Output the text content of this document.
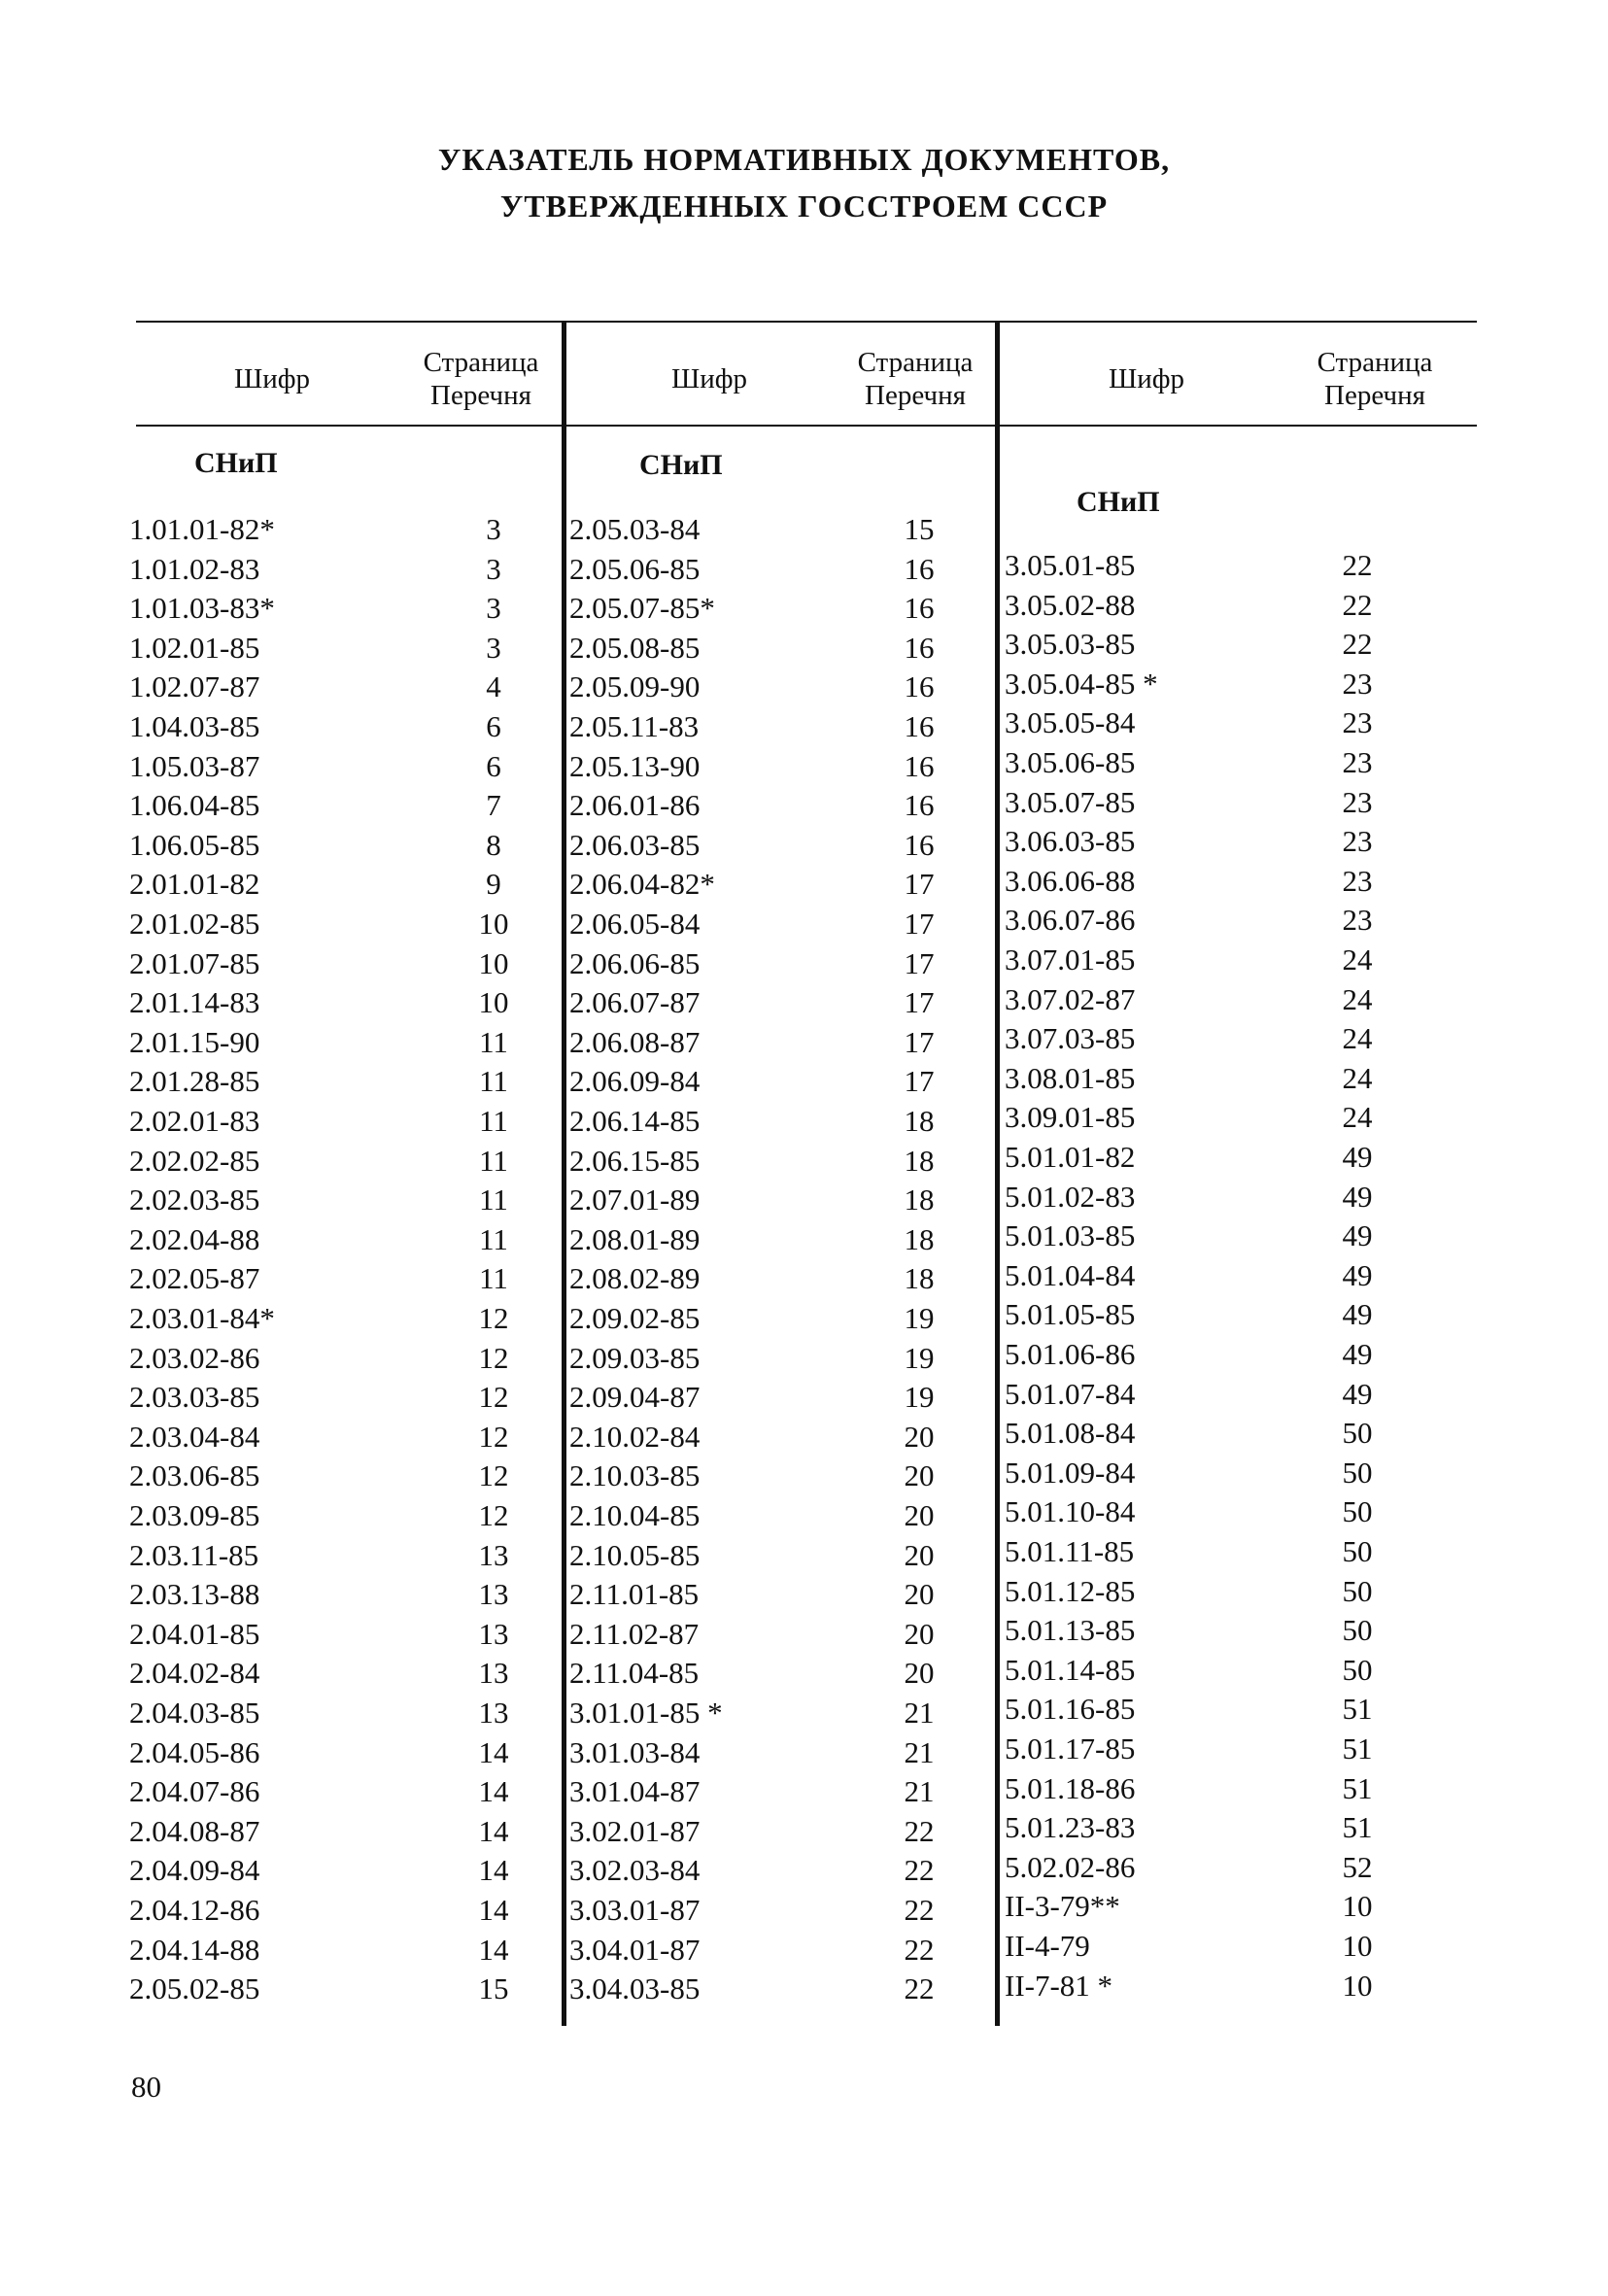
УКАЗАТЕЛЬ НОРМАТИВНЫХ ДОКУМЕНТОВ,
УТВЕРЖДЕННЫХ ГОССТРОЕМ СССР
Шифр
Страница
Перечня
Шифр
Страница
Перечня
Шифр
Страница
Перечня
СНиП	СНиП
СНиП
1.01.01-82*	3
1.01.02-83	3
1.01.03-83*	3
1.02.01-85	3
1.02.07-87	4
1.04.03-85	6
1.05.03-87	6
1.06.04-85	7
1.06.05-85	8
2.01.01-82	9
2.01.02-85	10
2.01.07-85	10
2.01.14-83	10
2.01.15-90	11
2.01.28-85	11
2.02.01-83	11
2.02.02-85	11
2.02.03-85	11
2.02.04-88	11
2.02.05-87	11
2.03.01-84*	12
2.03.02-86	12
2.03.03-85	12
2.03.04-84	12
2.03.06-85	12
2.03.09-85	12
2.03.11-85	13
2.03.13-88	13
2.04.01-85	13
2.04.02-84	13
2.04.03-85	13
2.04.05-86	14
2.04.07-86	14
2.04.08-87	14
2.04.09-84	14
2.04.12-86	14
2.04.14-88	14
2.05.02-85	15
2.05.03-84	15
2.05.06-85	16
2.05.07-85*	16
2.05.08-85	16
2.05.09-90	16
2.05.11-83	16
2.05.13-90	16
2.06.01-86	16
2.06.03-85	16
2.06.04-82*	17
2.06.05-84	17
2.06.06-85	17
2.06.07-87	17
2.06.08-87	17
2.06.09-84	17
2.06.14-85	18
2.06.15-85	18
2.07.01-89	18
2.08.01-89	18
2.08.02-89	18
2.09.02-85	19
2.09.03-85	19
2.09.04-87	19
2.10.02-84	20
2.10.03-85	20
2.10.04-85	20
2.10.05-85	20
2.11.01-85	20
2.11.02-87	20
2.11.04-85	20
3.01.01-85 *	21
3.01.03-84	21
3.01.04-87	21
3.02.01-87	22
3.02.03-84	22
3.03.01-87	22
3.04.01-87	22
3.04.03-85	22
3.05.01-85	22
3.05.02-88	22
3.05.03-85	22
3.05.04-85 *	23
3.05.05-84	23
3.05.06-85	23
3.05.07-85	23
3.06.03-85	23
3.06.06-88	23
3.06.07-86	23
3.07.01-85	24
3.07.02-87	24
3.07.03-85	24
3.08.01-85	24
3.09.01-85	24
5.01.01-82	49
5.01.02-83	49
5.01.03-85	49
5.01.04-84	49
5.01.05-85	49
5.01.06-86	49
5.01.07-84	49
5.01.08-84	50
5.01.09-84	50
5.01.10-84	50
5.01.11-85	50
5.01.12-85	50
5.01.13-85	50
5.01.14-85	50
5.01.16-85	51
5.01.17-85	51
5.01.18-86	51
5.01.23-83	51
5.02.02-86	52
II-3-79**	10
II-4-79	10
II-7-81 *	10
80
